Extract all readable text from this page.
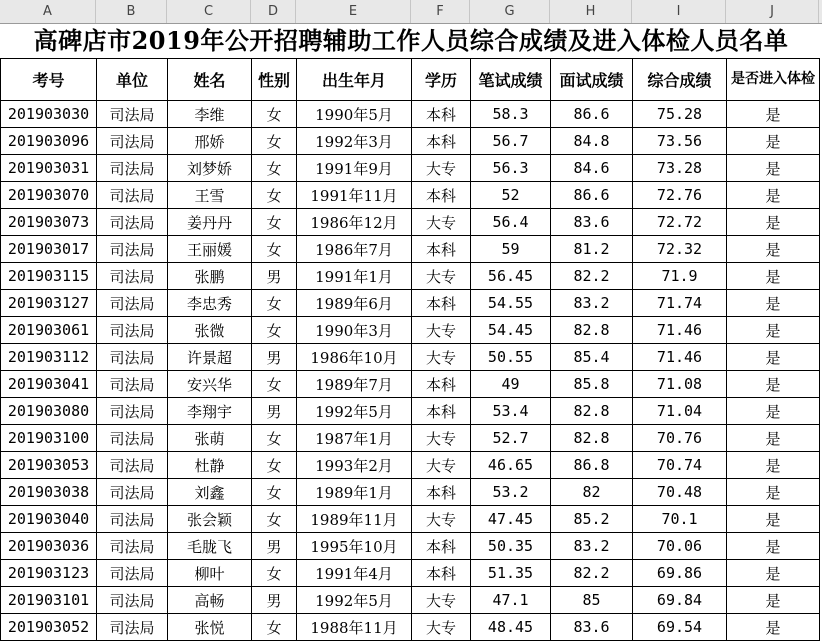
A	B	C	D	E	F	G	H	I	J
高碑店市2019年公开招聘辅助工作人员综合成绩及进入体检人员名单
考号	单位	姓名	性别	出生年月	学历	笔试成绩	面试成绩	综合成绩	是否进入体检
201903030	司法局	李维	女	1990年5月	本科	58.3	86.6	75.28	是
201903096	司法局	邢娇	女	1992年3月	本科	56.7	84.8	73.56	是
201903031	司法局	刘梦娇	女	1991年9月	大专	56.3	84.6	73.28	是
201903070	司法局	王雪	女	1991年11月	本科	52	86.6	72.76	是
201903073	司法局	姜丹丹	女	1986年12月	大专	56.4	83.6	72.72	是
201903017	司法局	王丽媛	女	1986年7月	本科	59	81.2	72.32	是
201903115	司法局	张鹏	男	1991年1月	大专	56.45	82.2	71.9	是
201903127	司法局	李忠秀	女	1989年6月	本科	54.55	83.2	71.74	是
201903061	司法局	张微	女	1990年3月	大专	54.45	82.8	71.46	是
201903112	司法局	许景超	男	1986年10月	大专	50.55	85.4	71.46	是
201903041	司法局	安兴华	女	1989年7月	本科	49	85.8	71.08	是
201903080	司法局	李翔宇	男	1992年5月	本科	53.4	82.8	71.04	是
201903100	司法局	张萌	女	1987年1月	大专	52.7	82.8	70.76	是
201903053	司法局	杜静	女	1993年2月	大专	46.65	86.8	70.74	是
201903038	司法局	刘鑫	女	1989年1月	本科	53.2	82	70.48	是
201903040	司法局	张会颖	女	1989年11月	大专	47.45	85.2	70.1	是
201903036	司法局	毛胧飞	男	1995年10月	本科	50.35	83.2	70.06	是
201903123	司法局	柳叶	女	1991年4月	本科	51.35	82.2	69.86	是
201903101	司法局	高畅	男	1992年5月	大专	47.1	85	69.84	是
201903052	司法局	张悦	女	1988年11月	大专	48.45	83.6	69.54	是
